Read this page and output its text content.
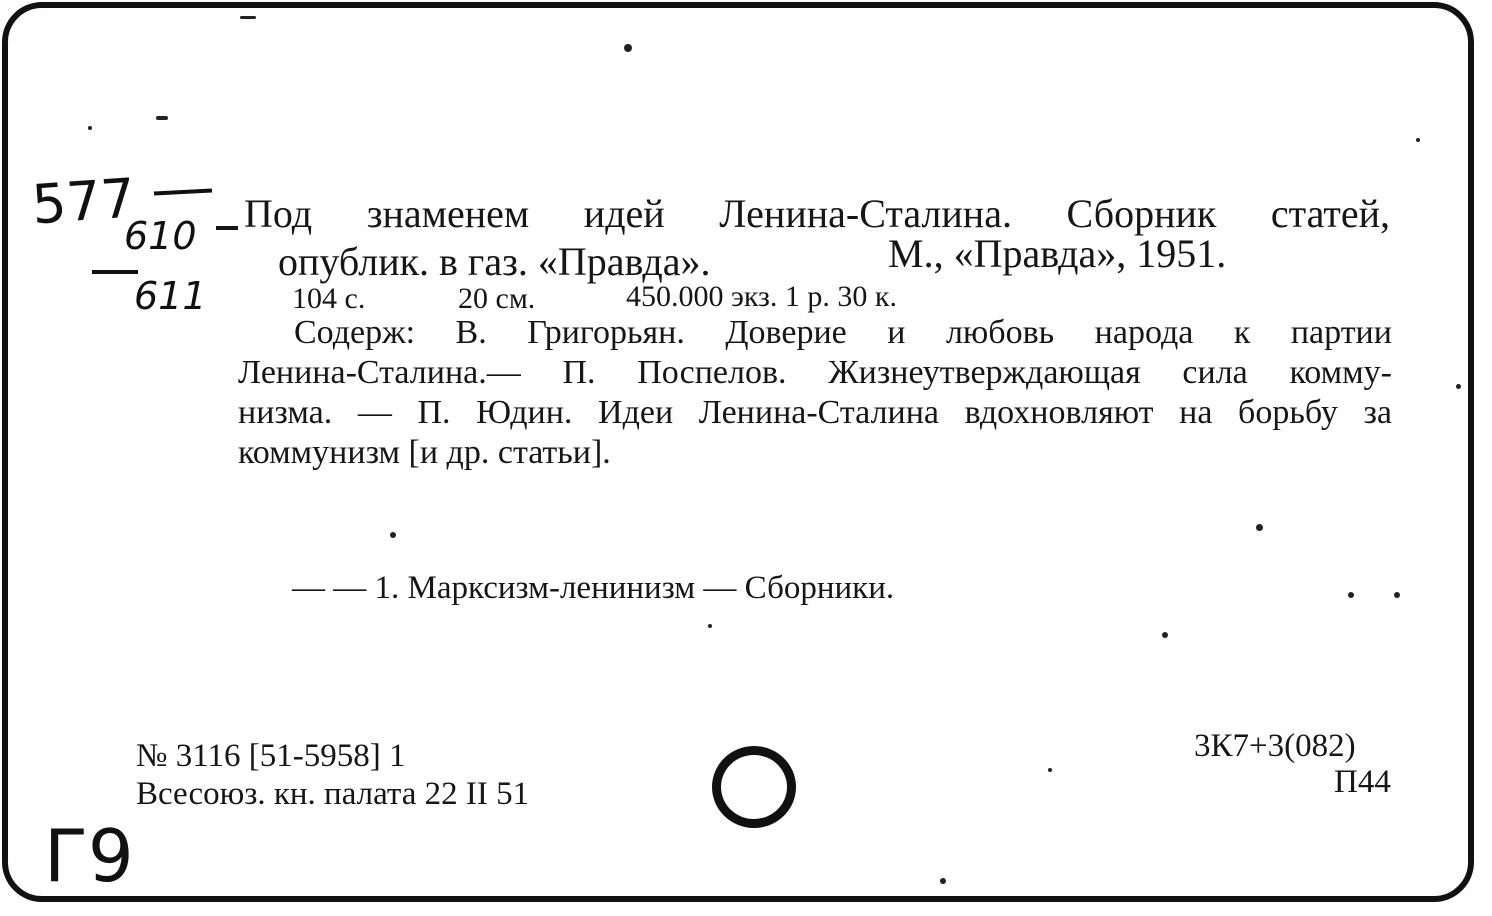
577
610
611
Г9
Под знаменем идей Ленина-Сталина. Сборник статей,
опублик. в газ. «Правда».	М., «Правда», 1951.
104 с.	20 см.	450.000 экз. 1 р. 30 к.
Содерж: В. Григорьян. Доверие и любовь народа к партии
Ленина-Сталина.— П. Поспелов. Жизнеутверждающая сила комму-
низма. — П. Юдин. Идеи Ленина-Сталина вдохновляют на борьбу за
коммунизм [и др. статьи].
— — 1. Марксизм-ленинизм — Сборники.
№ 3116 [51-5958] 1
Всесоюз. кн. палата 22 II 51
3К7+3(082)
П44
